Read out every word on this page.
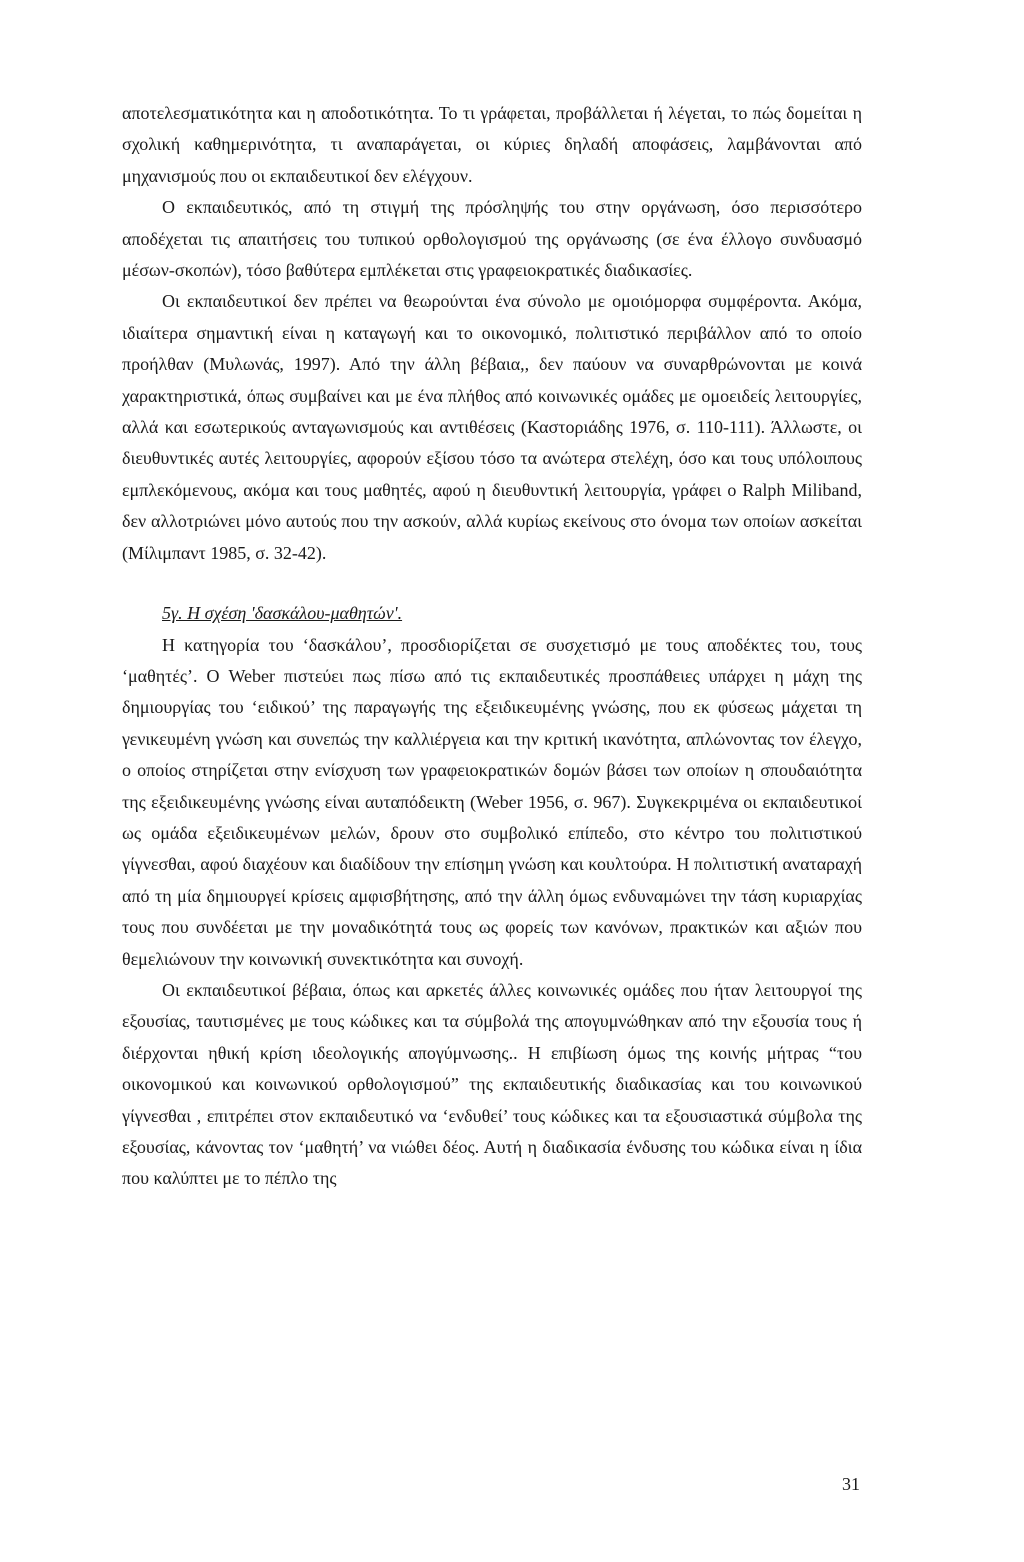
αποτελεσματικότητα και η αποδοτικότητα. Το τι γράφεται, προβάλλεται ή λέγεται, το πώς δομείται η σχολική καθημερινότητα, τι αναπαράγεται, οι κύριες δηλαδή αποφάσεις, λαμβάνονται από μηχανισμούς που οι εκπαιδευτικοί δεν ελέγχουν.

Ο εκπαιδευτικός, από τη στιγμή της πρόσληψής του στην οργάνωση, όσο περισσότερο αποδέχεται τις απαιτήσεις του τυπικού ορθολογισμού της οργάνωσης (σε ένα έλλογο συνδυασμό μέσων-σκοπών), τόσο βαθύτερα εμπλέκεται στις γραφειοκρατικές διαδικασίες.

Οι εκπαιδευτικοί δεν πρέπει να θεωρούνται ένα σύνολο με ομοιόμορφα συμφέροντα. Ακόμα, ιδιαίτερα σημαντική είναι η καταγωγή και το οικονομικό, πολιτιστικό περιβάλλον από το οποίο προήλθαν (Μυλωνάς, 1997). Από την άλλη βέβαια,, δεν παύουν να συναρθρώνονται με κοινά χαρακτηριστικά, όπως συμβαίνει και με ένα πλήθος από κοινωνικές ομάδες με ομοειδείς λειτουργίες, αλλά και εσωτερικούς ανταγωνισμούς και αντιθέσεις (Καστοριάδης 1976, σ. 110-111). Άλλωστε, οι διευθυντικές αυτές λειτουργίες, αφορούν εξίσου τόσο τα ανώτερα στελέχη, όσο και τους υπόλοιπους εμπλεκόμενους, ακόμα και τους μαθητές, αφού η διευθυντική λειτουργία, γράφει ο Ralph Miliband, δεν αλλοτριώνει μόνο αυτούς που την ασκούν, αλλά κυρίως εκείνους στο όνομα των οποίων ασκείται (Μίλιμπαντ 1985, σ. 32-42).

5γ. Η σχέση 'δασκάλου-μαθητών'.

Η κατηγορία του ‘δασκάλου’, προσδιορίζεται σε συσχετισμό με τους αποδέκτες του, τους ‘μαθητές’. Ο Weber πιστεύει πως πίσω από τις εκπαιδευτικές προσπάθειες υπάρχει η μάχη της δημιουργίας του ‘ειδικού’ της παραγωγής της εξειδικευμένης γνώσης, που εκ φύσεως μάχεται τη γενικευμένη γνώση και συνεπώς την καλλιέργεια και την κριτική ικανότητα, απλώνοντας τον έλεγχο, ο οποίος στηρίζεται στην ενίσχυση των γραφειοκρατικών δομών βάσει των οποίων η σπουδαιότητα της εξειδικευμένης γνώσης είναι αυταπόδεικτη (Weber 1956, σ. 967). Συγκεκριμένα οι εκπαιδευτικοί ως ομάδα εξειδικευμένων μελών, δρουν στο συμβολικό επίπεδο, στο κέντρο του πολιτιστικού γίγνεσθαι, αφού διαχέουν και διαδίδουν την επίσημη γνώση και κουλτούρα. Η πολιτιστική αναταραχή από τη μία δημιουργεί κρίσεις αμφισβήτησης, από την άλλη όμως ενδυναμώνει την τάση κυριαρχίας τους που συνδέεται με την μοναδικότητά τους ως φορείς των κανόνων, πρακτικών και αξιών που θεμελιώνουν την κοινωνική συνεκτικότητα και συνοχή.

Οι εκπαιδευτικοί βέβαια, όπως και αρκετές άλλες κοινωνικές ομάδες που ήταν λειτουργοί της εξουσίας, ταυτισμένες με τους κώδικες και τα σύμβολά της απογυμνώθηκαν από την εξουσία τους ή διέρχονται ηθική κρίση ιδεολογικής απογύμνωσης.. Η επιβίωση όμως της κοινής μήτρας “του οικονομικού και κοινωνικού ορθολογισμού” της εκπαιδευτικής διαδικασίας και του κοινωνικού γίγνεσθαι , επιτρέπει στον εκπαιδευτικό να ‘ενδυθεί’ τους κώδικες και τα εξουσιαστικά σύμβολα της εξουσίας, κάνοντας τον ‘μαθητή’ να νιώθει δέος. Αυτή η διαδικασία ένδυσης του κώδικα είναι η ίδια που καλύπτει με το πέπλο της

31
